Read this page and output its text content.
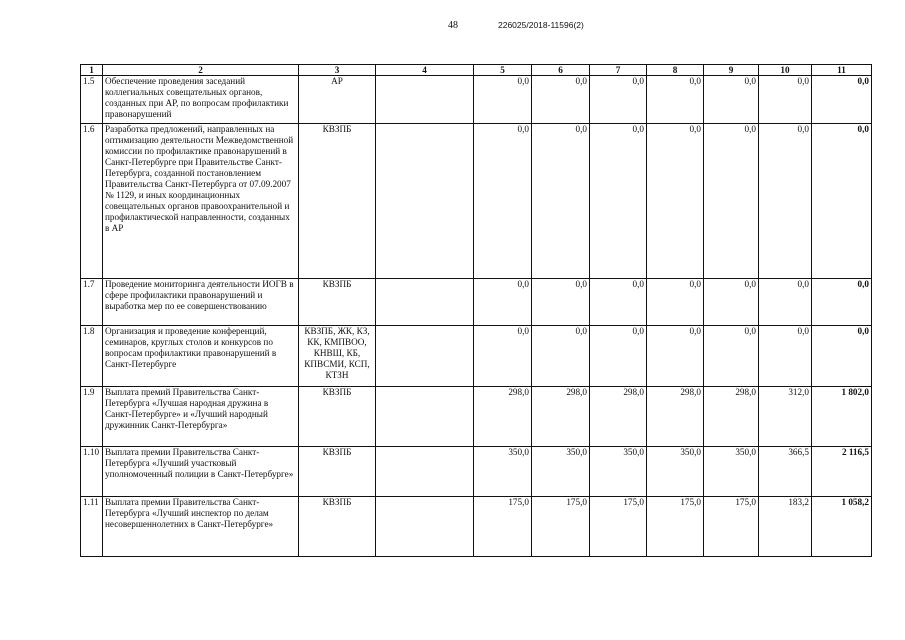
48	226025/2018-11596(2)
1	2	3	4	5	6	7	8	9	10	11
1.5	Обеспечение проведения заседаний коллегиальных совещательных органов, созданных при АР, по вопросам профилактики правонарушений	АР		0,0	0,0	0,0	0,0	0,0	0,0	0,0
1.6	Разработка предложений, направленных на оптимизацию деятельности Межведомственной комиссии по профилактике правонарушений в Санкт-Петербурге при Правительстве Санкт-Петербурга, созданной постановлением Правительства Санкт-Петербурга от 07.09.2007 № 1129, и иных координационных совещательных органов правоохранительной и профилактической направленности, созданных в АР	КВЗПБ		0,0	0,0	0,0	0,0	0,0	0,0	0,0
1.7	Проведение мониторинга деятельности ИОГВ в сфере профилактики правонарушений и выработка мер по ее совершенствованию	КВЗПБ		0,0	0,0	0,0	0,0	0,0	0,0	0,0
1.8	Организация и проведение конференций, семинаров, круглых столов и конкурсов по вопросам профилактики правонарушений в Санкт-Петербурге	КВЗПБ, ЖК, КЗ, КК, КМПВОО, КНВШ, КБ, КПВСМИ, КСП, КТЗН		0,0	0,0	0,0	0,0	0,0	0,0	0,0
1.9	Выплата премий Правительства Санкт-Петербурга «Лучшая народная дружина в Санкт-Петербурге» и «Лучший народный дружинник Санкт-Петербурга»	КВЗПБ		298,0	298,0	298,0	298,0	298,0	312,0	1 802,0
1.10	Выплата премии Правительства Санкт-Петербурга «Лучший участковый уполномоченный полиции в Санкт-Петербурге»	КВЗПБ		350,0	350,0	350,0	350,0	350,0	366,5	2 116,5
1.11	Выплата премии Правительства Санкт-Петербурга «Лучший инспектор по делам несовершеннолетних в Санкт-Петербурге»	КВЗПБ		175,0	175,0	175,0	175,0	175,0	183,2	1 058,2
